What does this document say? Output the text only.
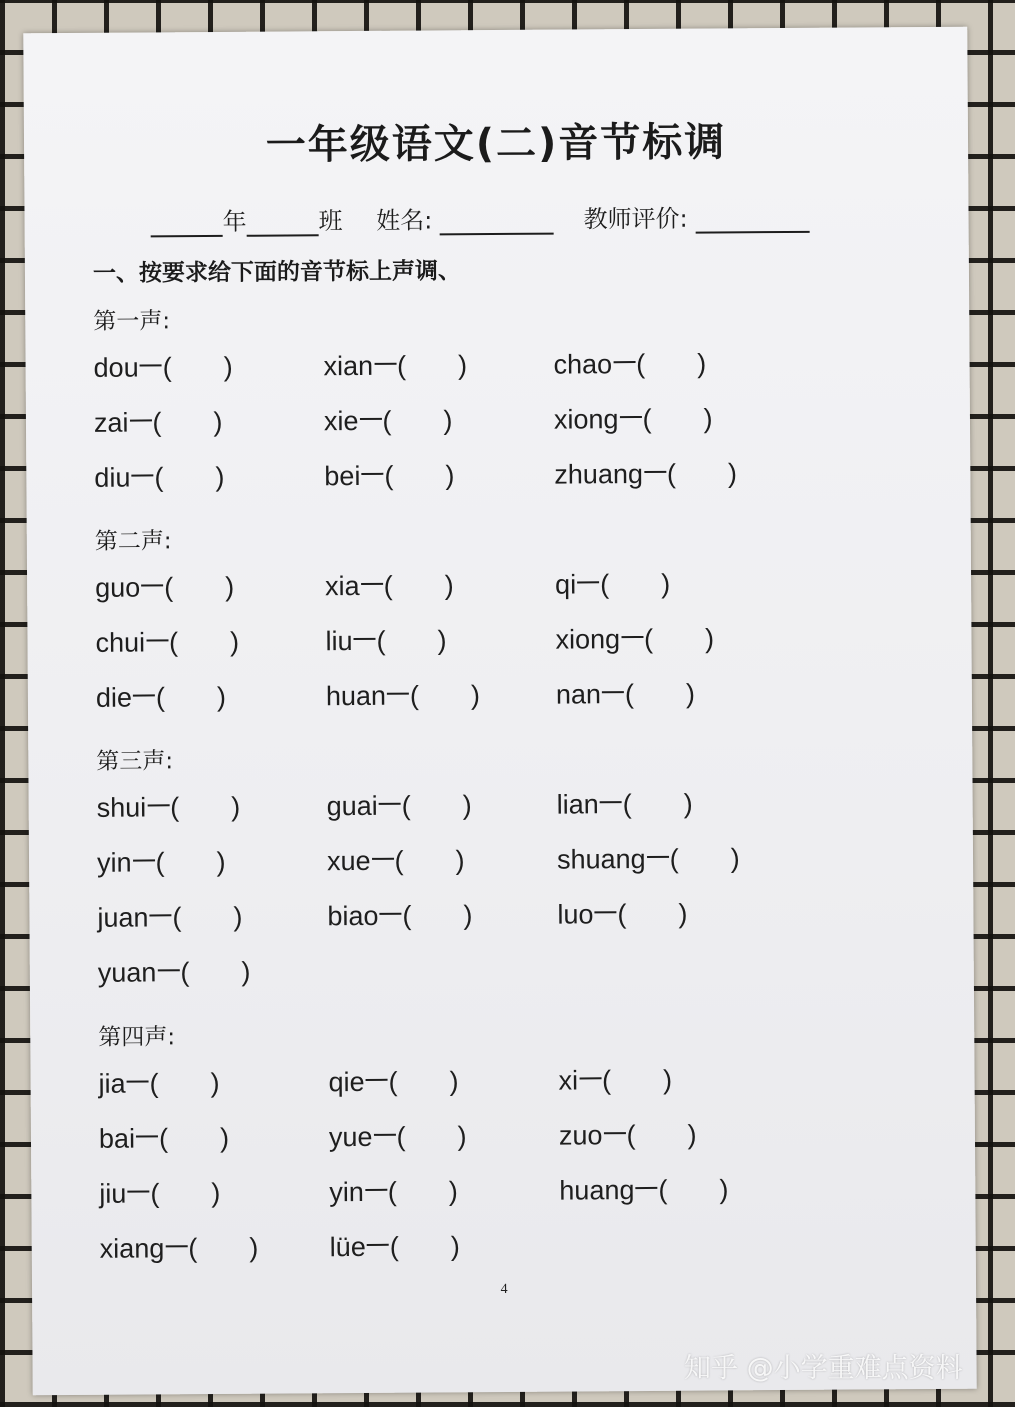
一年级语文(二)音节标调
年	班 姓名:	教师评价:
一、按要求给下面的音节标上声调、
第一声:
dou ( )	xian ( )	chao ( )
zai ( )	xie ( )	xiong ( )
diu ( )	bei ( )	zhuang ( )
第二声:
guo ( )	xia ( )	qi ( )
chui ( )	liu ( )	xiong ( )
die ( )	huan ( )	nan ( )
第三声:
shui ( )	guai ( )	lian ( )
yin ( )	xue ( )	shuang ( )
juan ( )	biao ( )	luo ( )
yuan ( )
第四声:
jia ( )	qie ( )	xi ( )
bai ( )	yue ( )	zuo ( )
jiu ( )	yin ( )	huang ( )
xiang ( )	lüe ( )
4
知乎 @小学重难点资料
